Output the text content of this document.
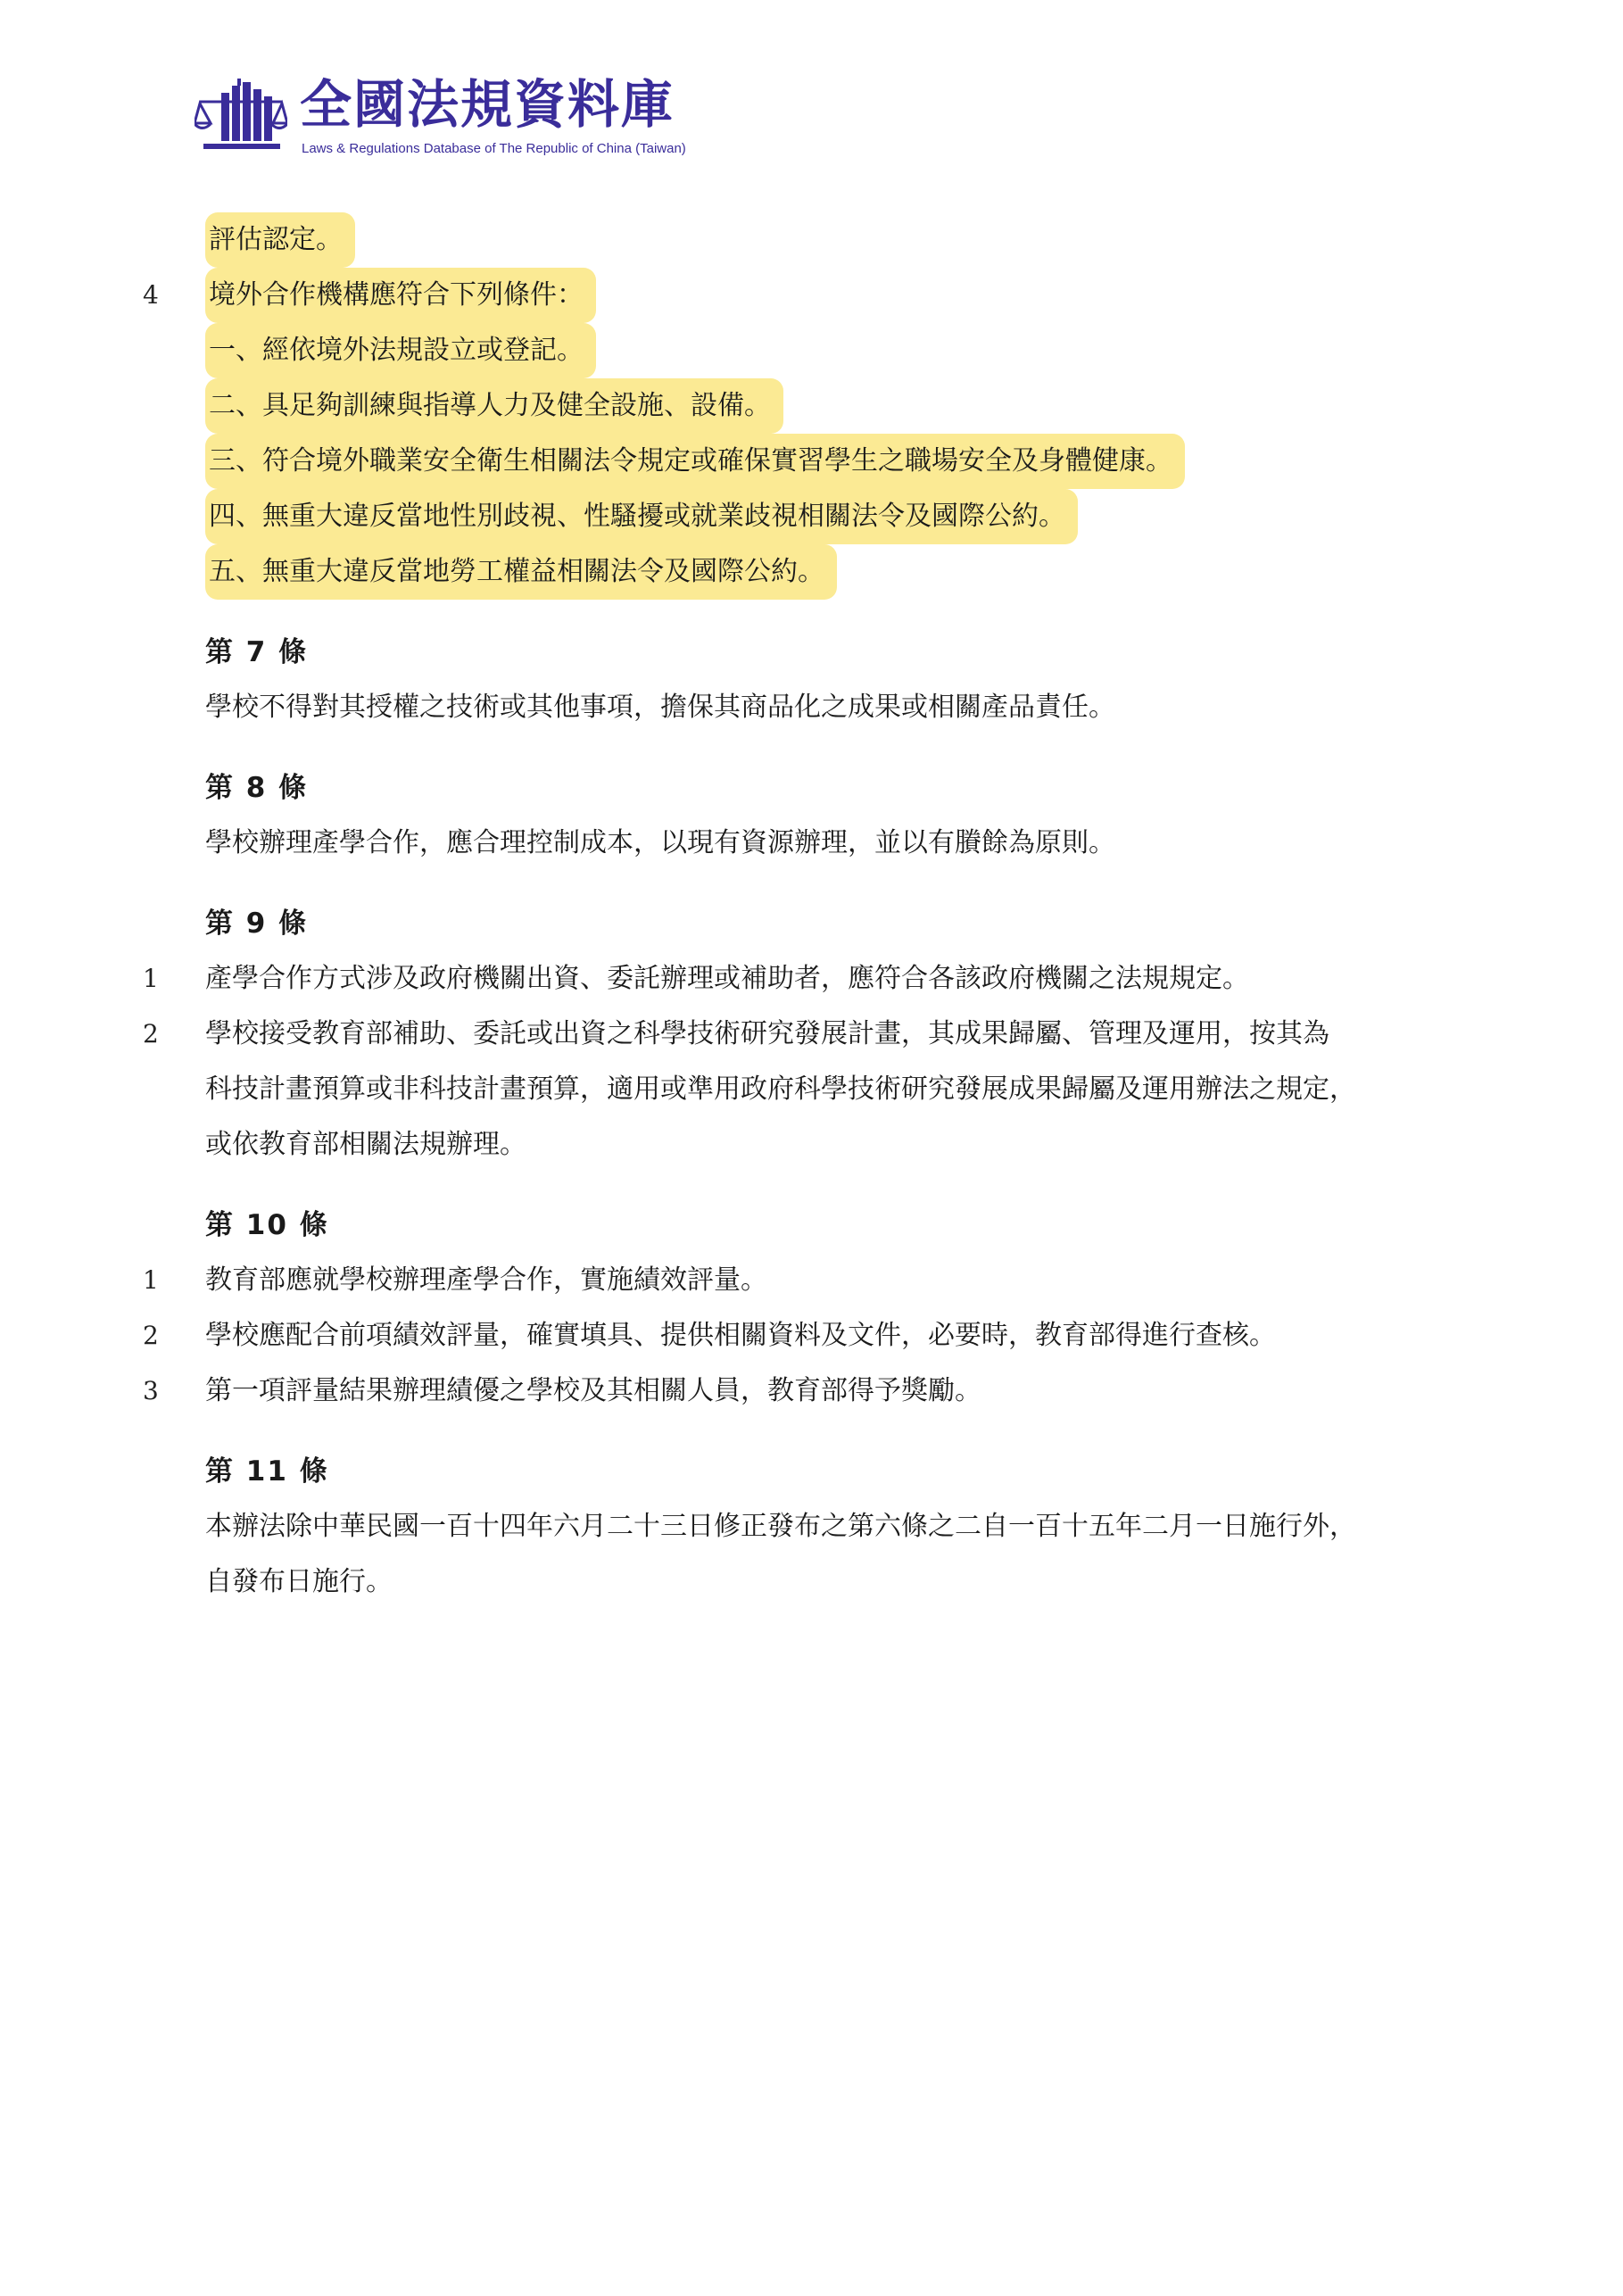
全國法規資料庫
Laws & Regulations Database of The Republic of China (Taiwan)
評估認定。
4 境外合作機構應符合下列條件：
一、經依境外法規設立或登記。
二、具足夠訓練與指導人力及健全設施、設備。
三、符合境外職業安全衛生相關法令規定或確保實習學生之職場安全及身體健康。
四、無重大違反當地性別歧視、性騷擾或就業歧視相關法令及國際公約。
五、無重大違反當地勞工權益相關法令及國際公約。
第 7 條
學校不得對其授權之技術或其他事項，擔保其商品化之成果或相關產品責任。
第 8 條
學校辦理產學合作，應合理控制成本，以現有資源辦理，並以有賸餘為原則。
第 9 條
1 產學合作方式涉及政府機關出資、委託辦理或補助者，應符合各該政府機關之法規規定。
2 學校接受教育部補助、委託或出資之科學技術研究發展計畫，其成果歸屬、管理及運用，按其為
科技計畫預算或非科技計畫預算，適用或準用政府科學技術研究發展成果歸屬及運用辦法之規定，
或依教育部相關法規辦理。
第 10 條
1 教育部應就學校辦理產學合作，實施績效評量。
2 學校應配合前項績效評量，確實填具、提供相關資料及文件，必要時，教育部得進行查核。
3 第一項評量結果辦理績優之學校及其相關人員，教育部得予獎勵。
第 11 條
本辦法除中華民國一百十四年六月二十三日修正發布之第六條之二自一百十五年二月一日施行外，
自發布日施行。
